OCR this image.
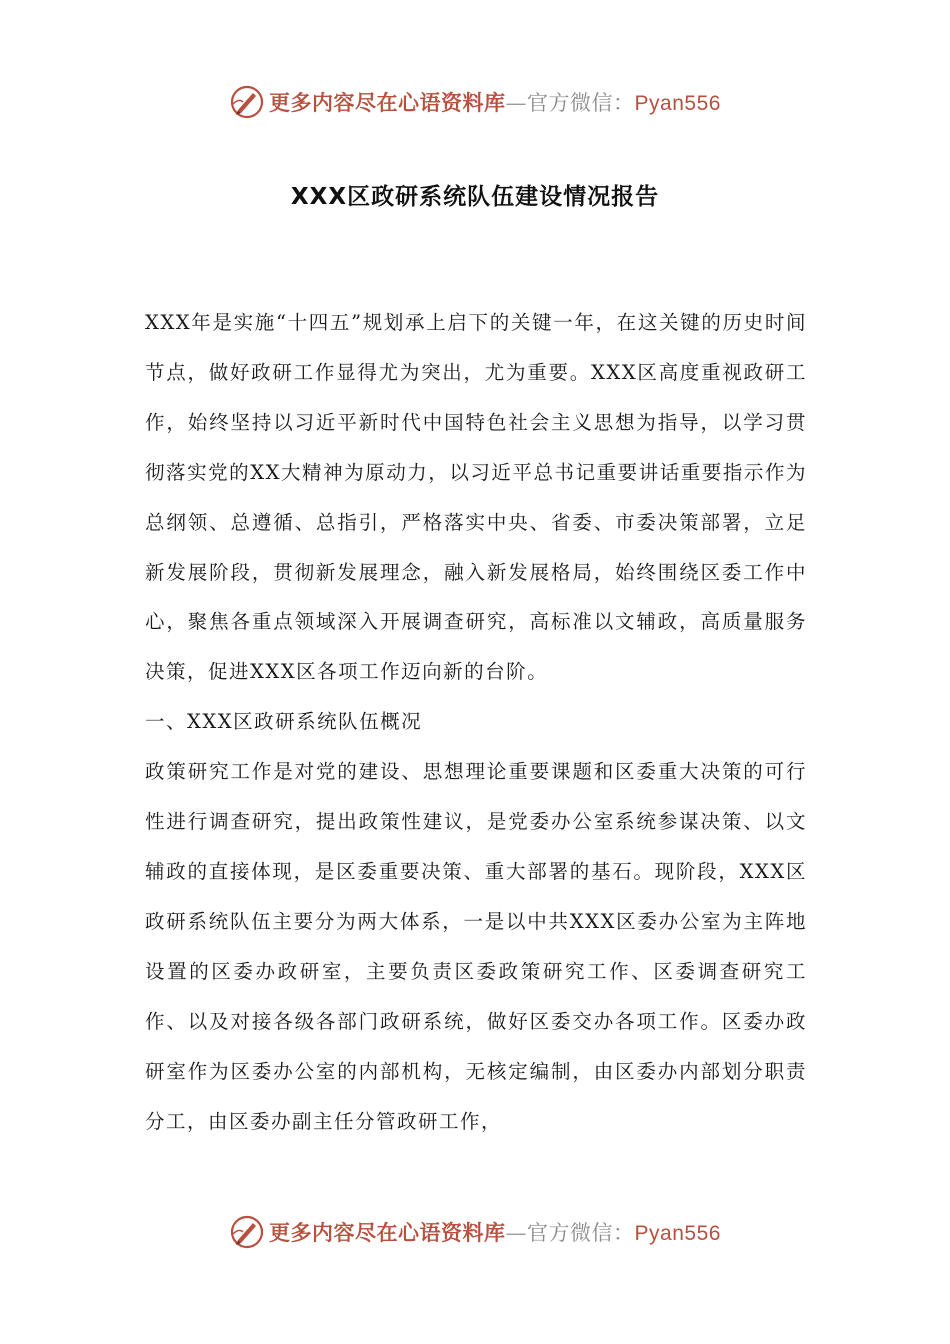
更多内容尽在心语资料库—官方微信：Pyan556
XXX区政研系统队伍建设情况报告

XXX年是实施“十四五”规划承上启下的关键一年，在这关键的历史时间节点，做好政研工作显得尤为突出，尤为重要。XXX区高度重视政研工作，始终坚持以习近平新时代中国特色社会主义思想为指导，以学习贯彻落实党的XX大精神为原动力，以习近平总书记重要讲话重要指示作为总纲领、总遵循、总指引，严格落实中央、省委、市委决策部署，立足新发展阶段，贯彻新发展理念，融入新发展格局，始终围绕区委工作中心，聚焦各重点领域深入开展调查研究，高标准以文辅政，高质量服务决策，促进XXX区各项工作迈向新的台阶。

一、XXX区政研系统队伍概况

政策研究工作是对党的建设、思想理论重要课题和区委重大决策的可行性进行调查研究，提出政策性建议，是党委办公室系统参谋决策、以文辅政的直接体现，是区委重要决策、重大部署的基石。现阶段，XXX区政研系统队伍主要分为两大体系，一是以中共XXX区委办公室为主阵地设置的区委办政研室，主要负责区委政策研究工作、区委调查研究工作、以及对接各级各部门政研系统，做好区委交办各项工作。区委办政研室作为区委办公室的内部机构，无核定编制，由区委办内部划分职责分工，由区委办副主任分管政研工作，

更多内容尽在心语资料库—官方微信：Pyan556
